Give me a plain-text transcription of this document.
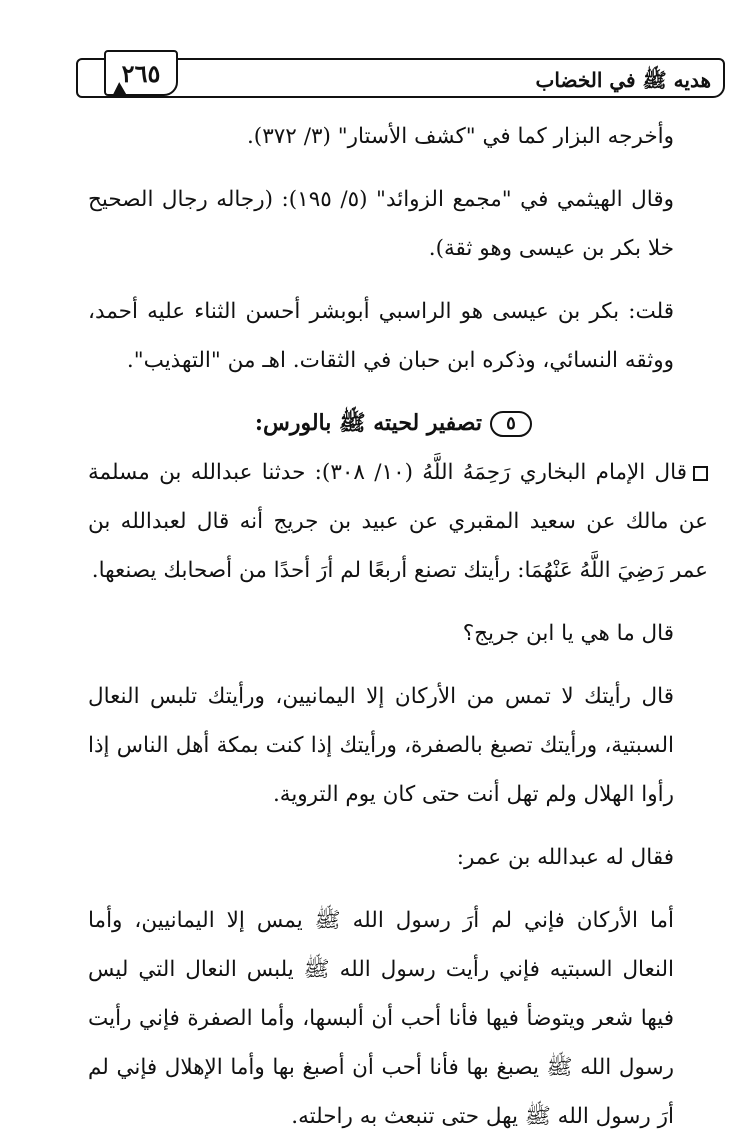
هديه ﷺ في الخضاب
٢٦٥

وأخرجه البزار كما في "كشف الأستار" (٣/ ٣٧٢).

وقال الهيثمي في "مجمع الزوائد" (٥/ ١٩٥): (رجاله رجال الصحيح خلا بكر بن عيسى وهو ثقة).

قلت: بكر بن عيسى هو الراسبي أبوبشر أحسن الثناء عليه أحمد، ووثقه النسائي، وذكره ابن حبان في الثقات. اهـ من "التهذيب".

٥
تصفير لحيته ﷺ بالورس:

قال الإمام البخاري رَحِمَهُ اللَّهُ (١٠/ ٣٠٨): حدثنا عبدالله بن مسلمة عن مالك عن سعيد المقبري عن عبيد بن جريج أنه قال لعبدالله بن عمر رَضِيَ اللَّهُ عَنْهُمَا: رأيتك تصنع أربعًا لم أرَ أحدًا من أصحابك يصنعها.

قال ما هي يا ابن جريج؟

قال رأيتك لا تمس من الأركان إلا اليمانيين، ورأيتك تلبس النعال السبتية، ورأيتك تصبغ بالصفرة، ورأيتك إذا كنت بمكة أهل الناس إذا رأوا الهلال ولم تهل أنت حتى كان يوم التروية.

فقال له عبدالله بن عمر:

أما الأركان فإني لم أرَ رسول الله ﷺ يمس إلا اليمانيين، وأما النعال السبتيه فإني رأيت رسول الله ﷺ يلبس النعال التي ليس فيها شعر ويتوضأ فيها فأنا أحب أن ألبسها، وأما الصفرة فإني رأيت رسول الله ﷺ يصبغ بها فأنا أحب أن أصبغ بها وأما الإهلال فإني لم أرَ رسول الله ﷺ يهل حتى تنبعث به راحلته.
